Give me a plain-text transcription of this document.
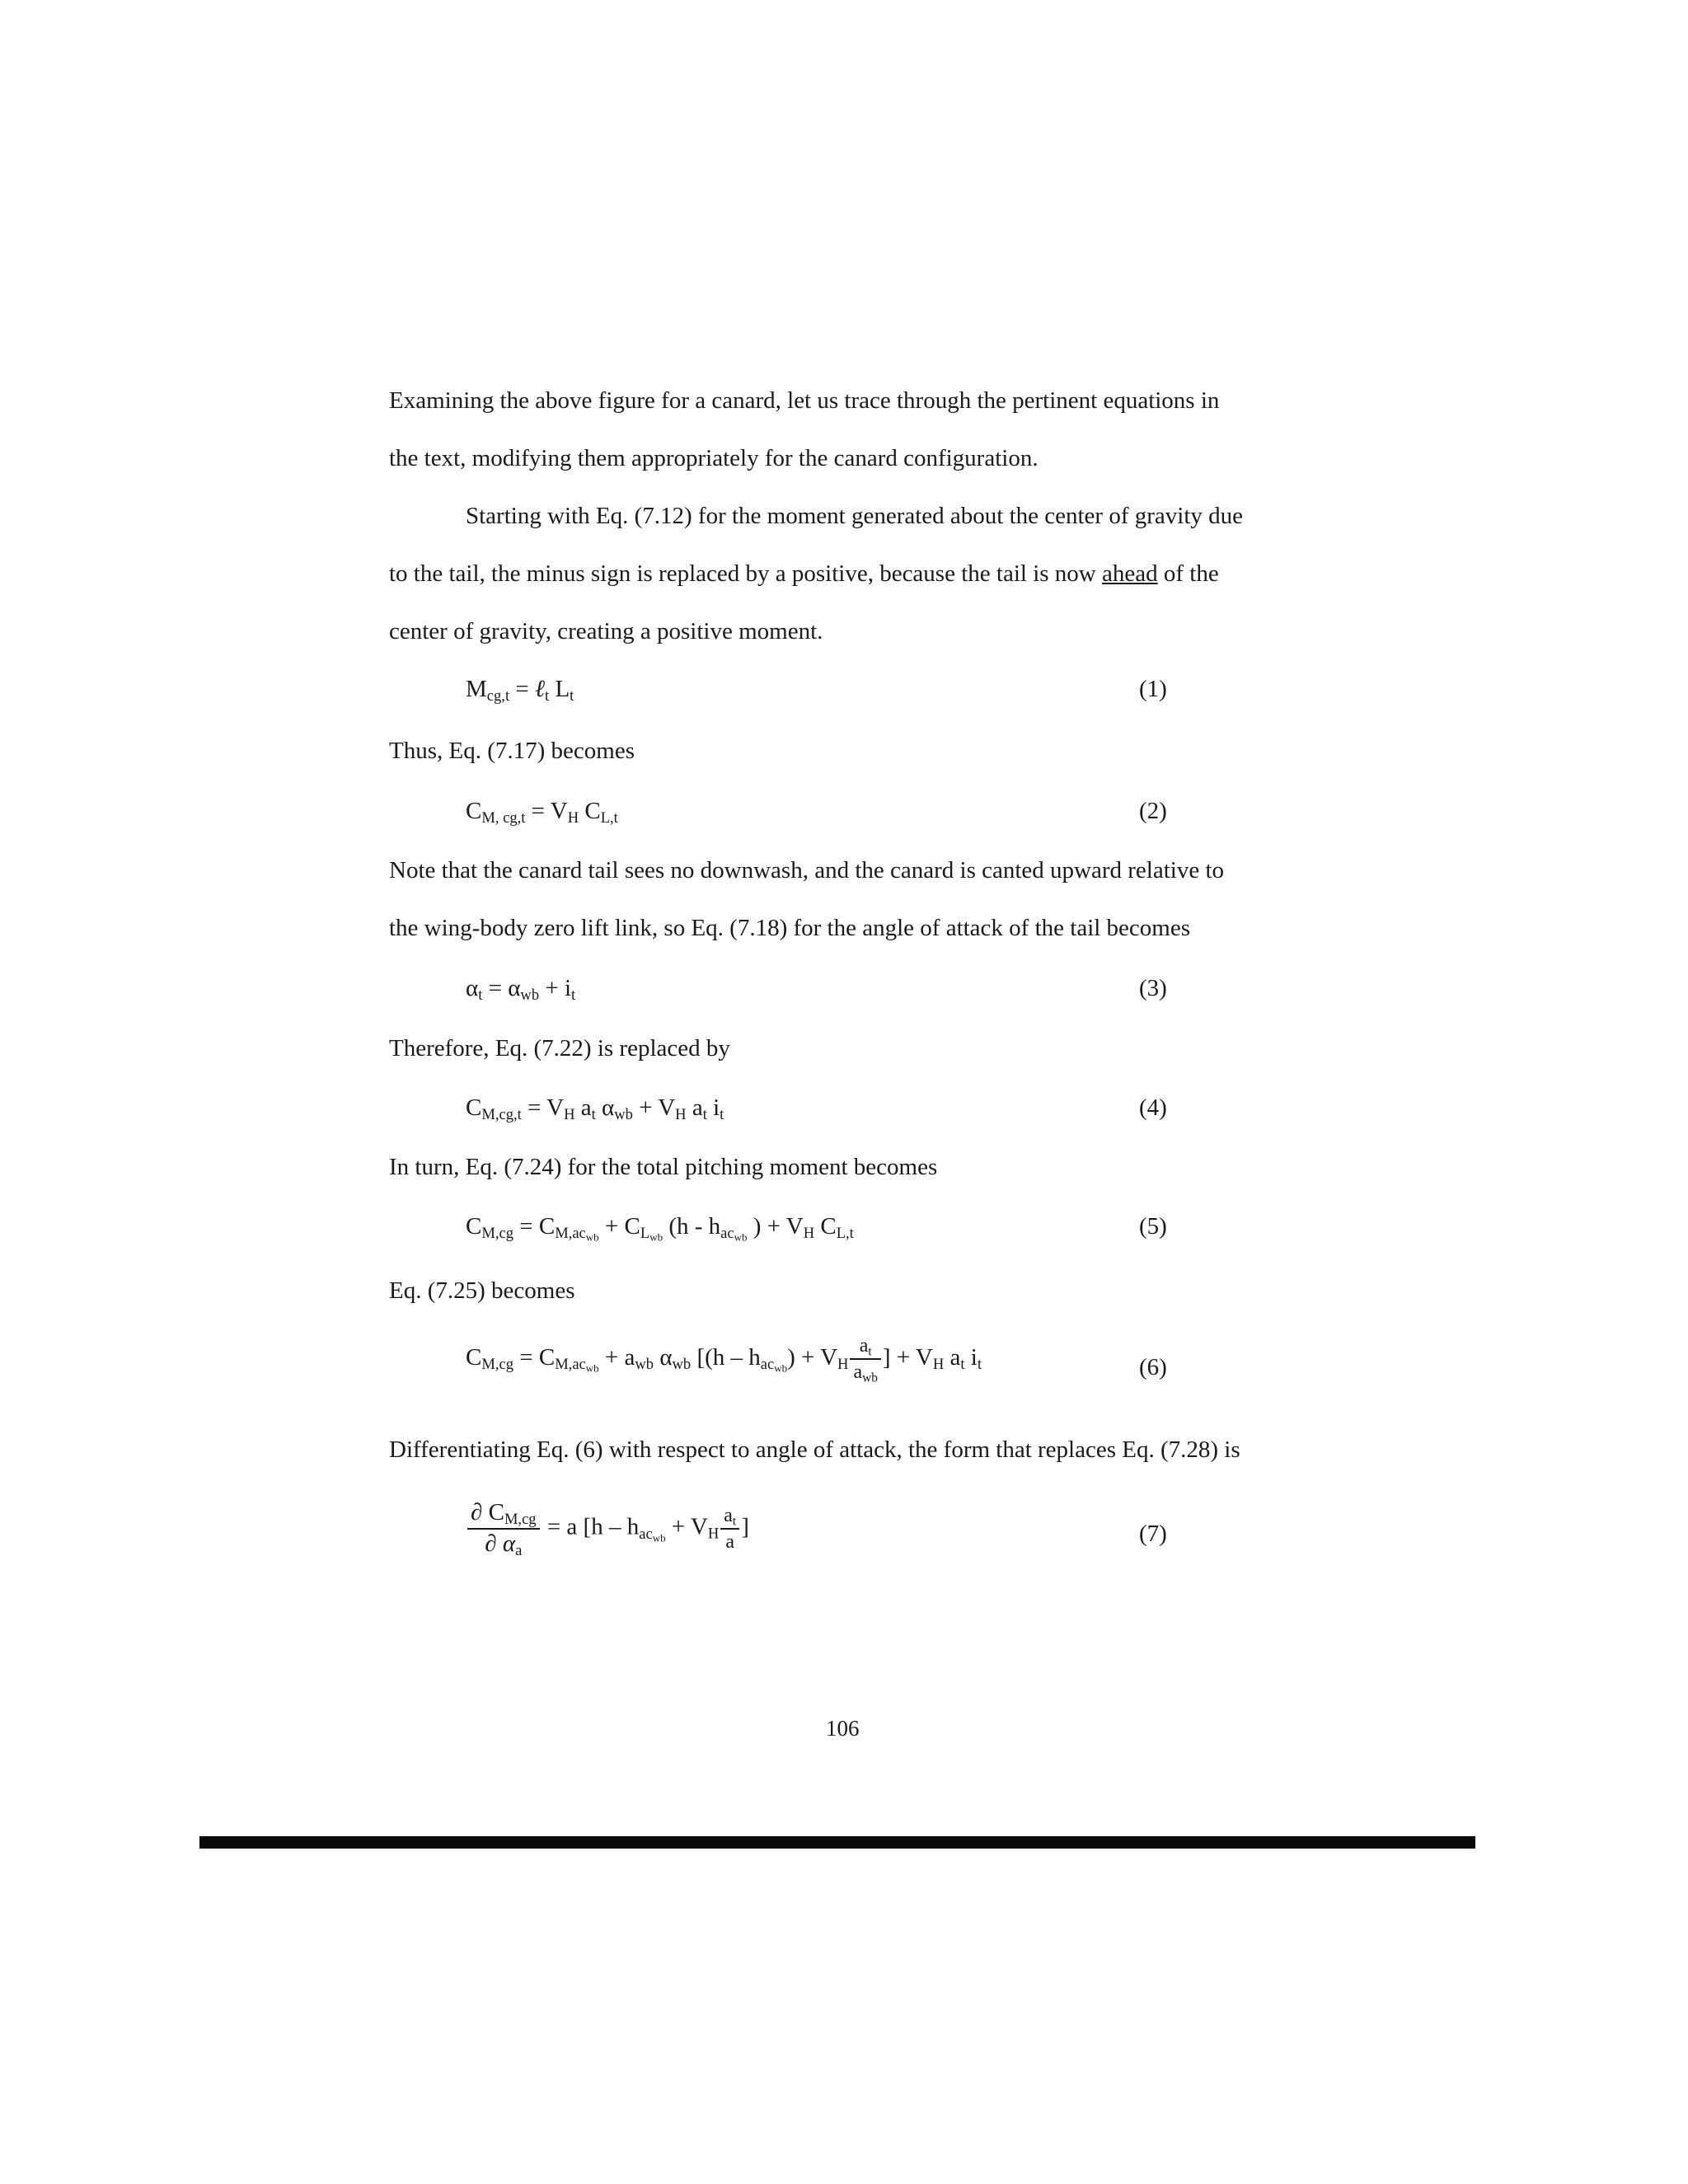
Examining the above figure for a canard, let us trace through the pertinent equations in
the text, modifying them appropriately for the canard configuration.
Starting with Eq. (7.12) for the moment generated about the center of gravity due
to the tail, the minus sign is replaced by a positive, because the tail is now ahead of the
center of gravity, creating a positive moment.
$M_{cg,t}$ = ℓ$_t$ $L_t$	(1)
Thus, Eq. (7.17) becomes
$C_{M, cg,t} = V_H$ $C_{L,t}$	(2)
Note that the canard tail sees no downwash, and the canard is canted upward relative to
the wing-body zero lift link, so Eq. (7.18) for the angle of attack of the tail becomes
$\alpha_t = \alpha_{wb} + i_t$	(3)
Therefore, Eq. (7.22) is replaced by
$C_{M,cg,t} = V_H$ $a_t$ $\alpha_{wb} + V_H$ $a_t$ $i_t$	(4)
In turn, Eq. (7.24) for the total pitching moment becomes
$C_{M,cg} = C_{M,ac_{wb}} + C_{L_{wb}}$ ($h - h_{ac_{wb}}$ ) + $V_H$ $C_{L,t}$	(5)
Eq. (7.25) becomes
$C_{M,cg} = C_{M,ac_{wb}} + a_{wb}$ $\alpha_{wb}$ [$(h - h_{ac_{wb}}) + V_H \frac{a_t}{a_{wb}}$ ] + $V_H$ $a_t$ $i_t$	(6)
Differentiating Eq. (6) with respect to angle of attack, the form that replaces Eq. (7.28) is
$\frac{\partial C_{M,cg}}{\partial \alpha_a} = a$ [$h - h_{ac_{wb}} + V_H \frac{a_t}{a}$ ]	(7)
106
